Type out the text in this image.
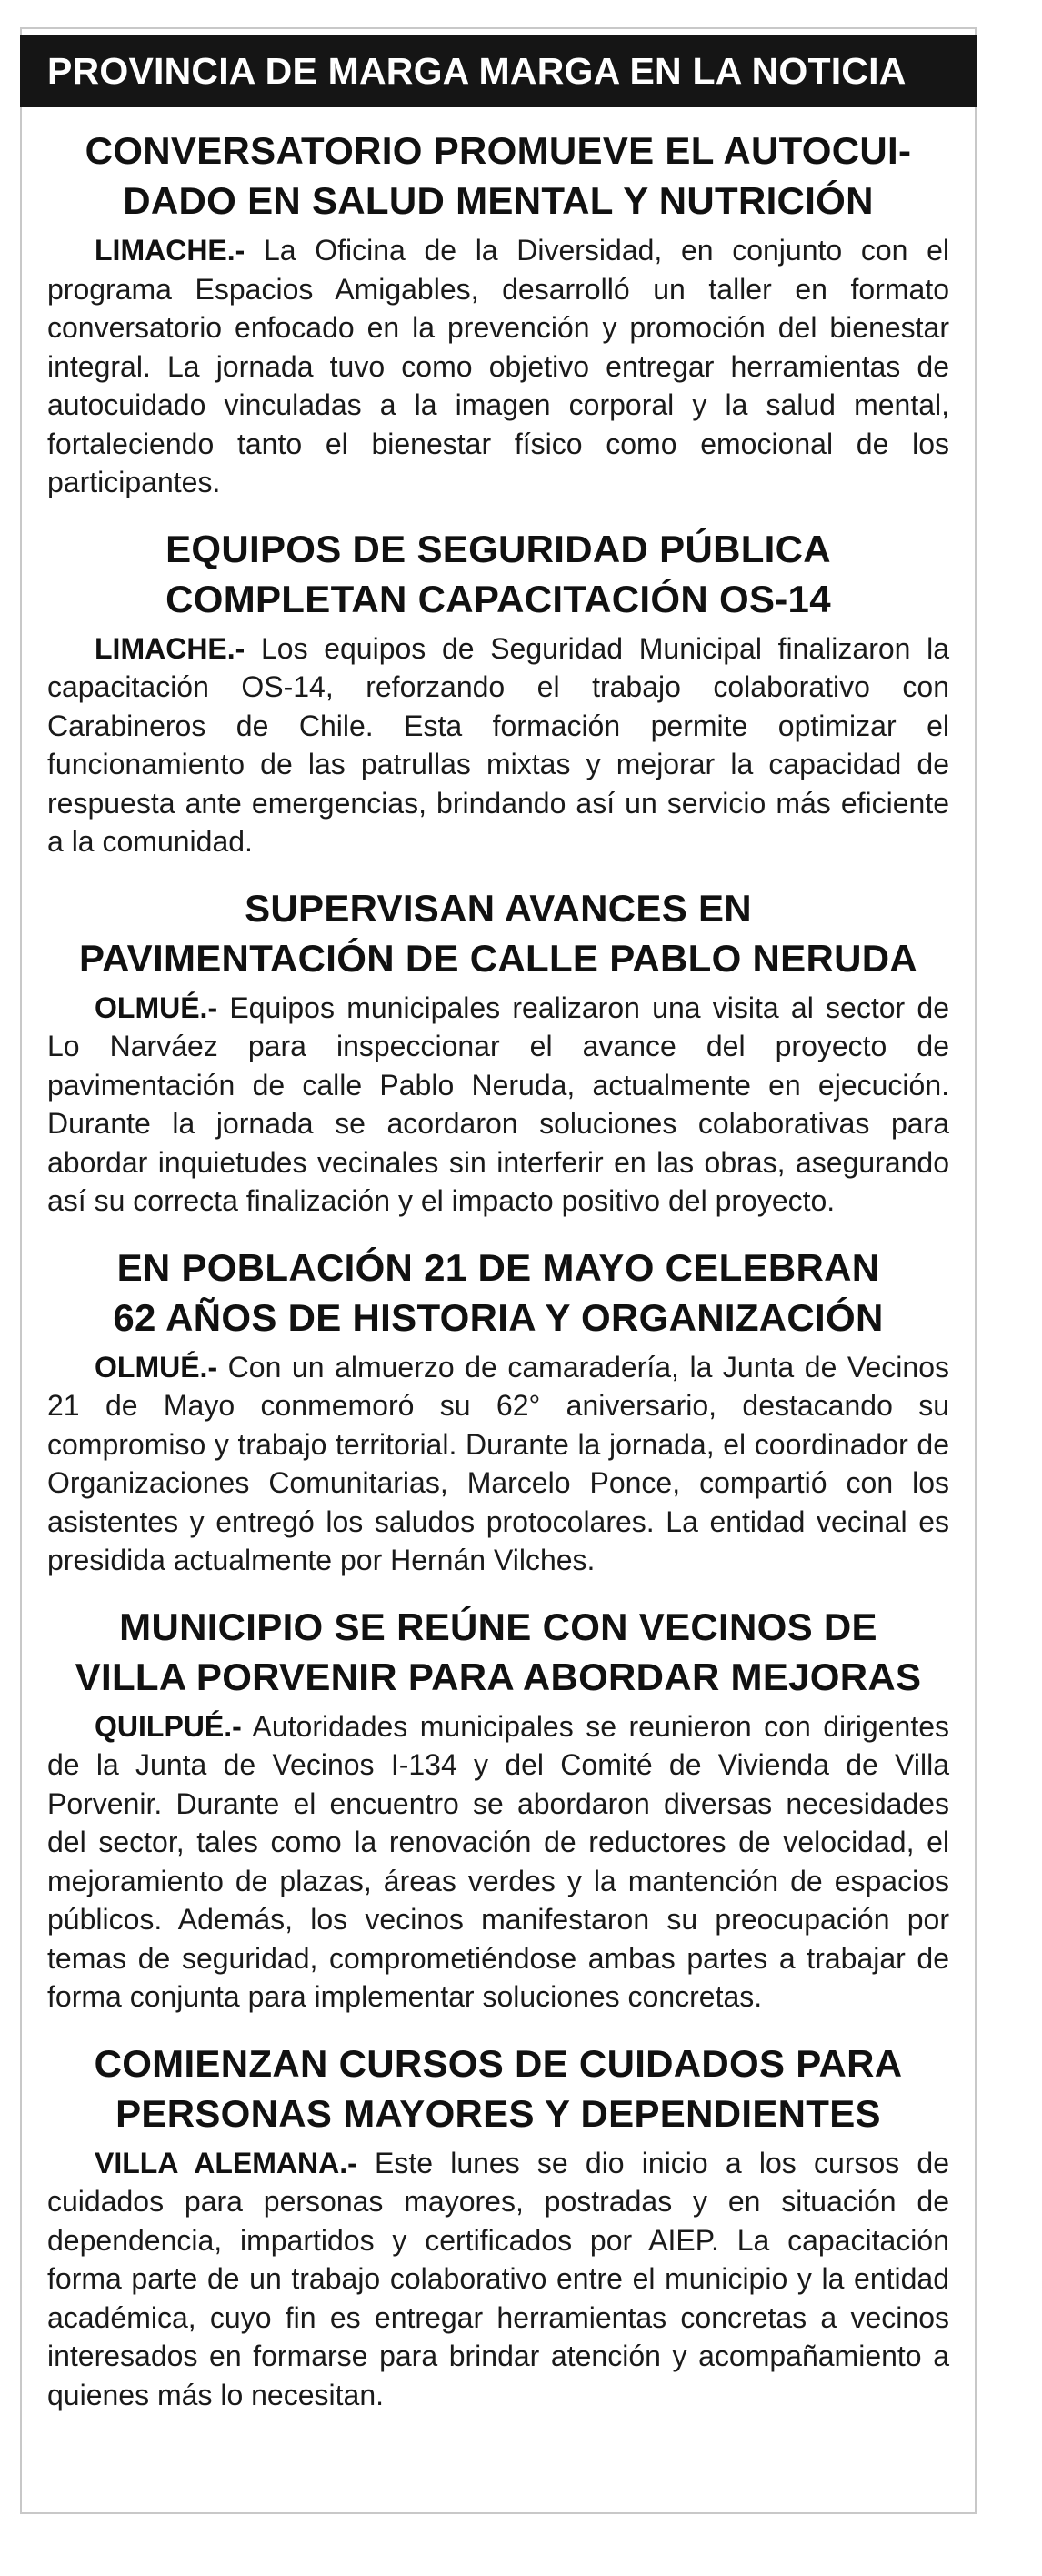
PROVINCIA DE MARGA MARGA EN LA NOTICIA
CONVERSATORIO PROMUEVE EL AUTOCUI-
DADO EN SALUD MENTAL Y NUTRICIÓN

LIMACHE.- La Oficina de la Diversidad, en conjunto con el programa Espacios Amigables, desarrolló un taller en formato conversatorio enfocado en la prevención y promoción del bienestar integral. La jornada tuvo como objetivo entregar herramientas de autocuidado vinculadas a la imagen corporal y la salud mental, fortaleciendo tanto el bienestar físico como emocional de los participantes.

EQUIPOS DE SEGURIDAD PÚBLICA
COMPLETAN CAPACITACIÓN OS-14

LIMACHE.- Los equipos de Seguridad Municipal finalizaron la capacitación OS-14, reforzando el trabajo colaborativo con Carabineros de Chile. Esta formación permite optimizar el funcionamiento de las patrullas mixtas y mejorar la capacidad de respuesta ante emergencias, brindando así un servicio más eficiente a la comunidad.

SUPERVISAN AVANCES EN
PAVIMENTACIÓN DE CALLE PABLO NERUDA

OLMUÉ.- Equipos municipales realizaron una visita al sector de Lo Narváez para inspeccionar el avance del proyecto de pavimentación de calle Pablo Neruda, actualmente en ejecución. Durante la jornada se acordaron soluciones colaborativas para abordar inquietudes vecinales sin interferir en las obras, asegurando así su correcta finalización y el impacto positivo del proyecto.

EN POBLACIÓN 21 DE MAYO CELEBRAN
62 AÑOS DE HISTORIA Y ORGANIZACIÓN

OLMUÉ.- Con un almuerzo de camaradería, la Junta de Vecinos 21 de Mayo conmemoró su 62° aniversario, destacando su compromiso y trabajo territorial. Durante la jornada, el coordinador de Organizaciones Comunitarias, Marcelo Ponce, compartió con los asistentes y entregó los saludos protocolares. La entidad vecinal es presidida actualmente por Hernán Vilches.

MUNICIPIO SE REÚNE CON VECINOS DE
VILLA PORVENIR PARA ABORDAR MEJORAS

QUILPUÉ.- Autoridades municipales se reunieron con dirigentes de la Junta de Vecinos I-134 y del Comité de Vivienda de Villa Porvenir. Durante el encuentro se abordaron diversas necesidades del sector, tales como la renovación de reductores de velocidad, el mejoramiento de plazas, áreas verdes y la mantención de espacios públicos. Además, los vecinos manifestaron su preocupación por temas de seguridad, comprometiéndose ambas partes a trabajar de forma conjunta para implementar soluciones concretas.

COMIENZAN CURSOS DE CUIDADOS PARA
PERSONAS MAYORES Y DEPENDIENTES

VILLA ALEMANA.- Este lunes se dio inicio a los cursos de cuidados para personas mayores, postradas y en situación de dependencia, impartidos y certificados por AIEP. La capacitación forma parte de un trabajo colaborativo entre el municipio y la entidad académica, cuyo fin es entregar herramientas concretas a vecinos interesados en formarse para brindar atención y acompañamiento a quienes más lo necesitan.
